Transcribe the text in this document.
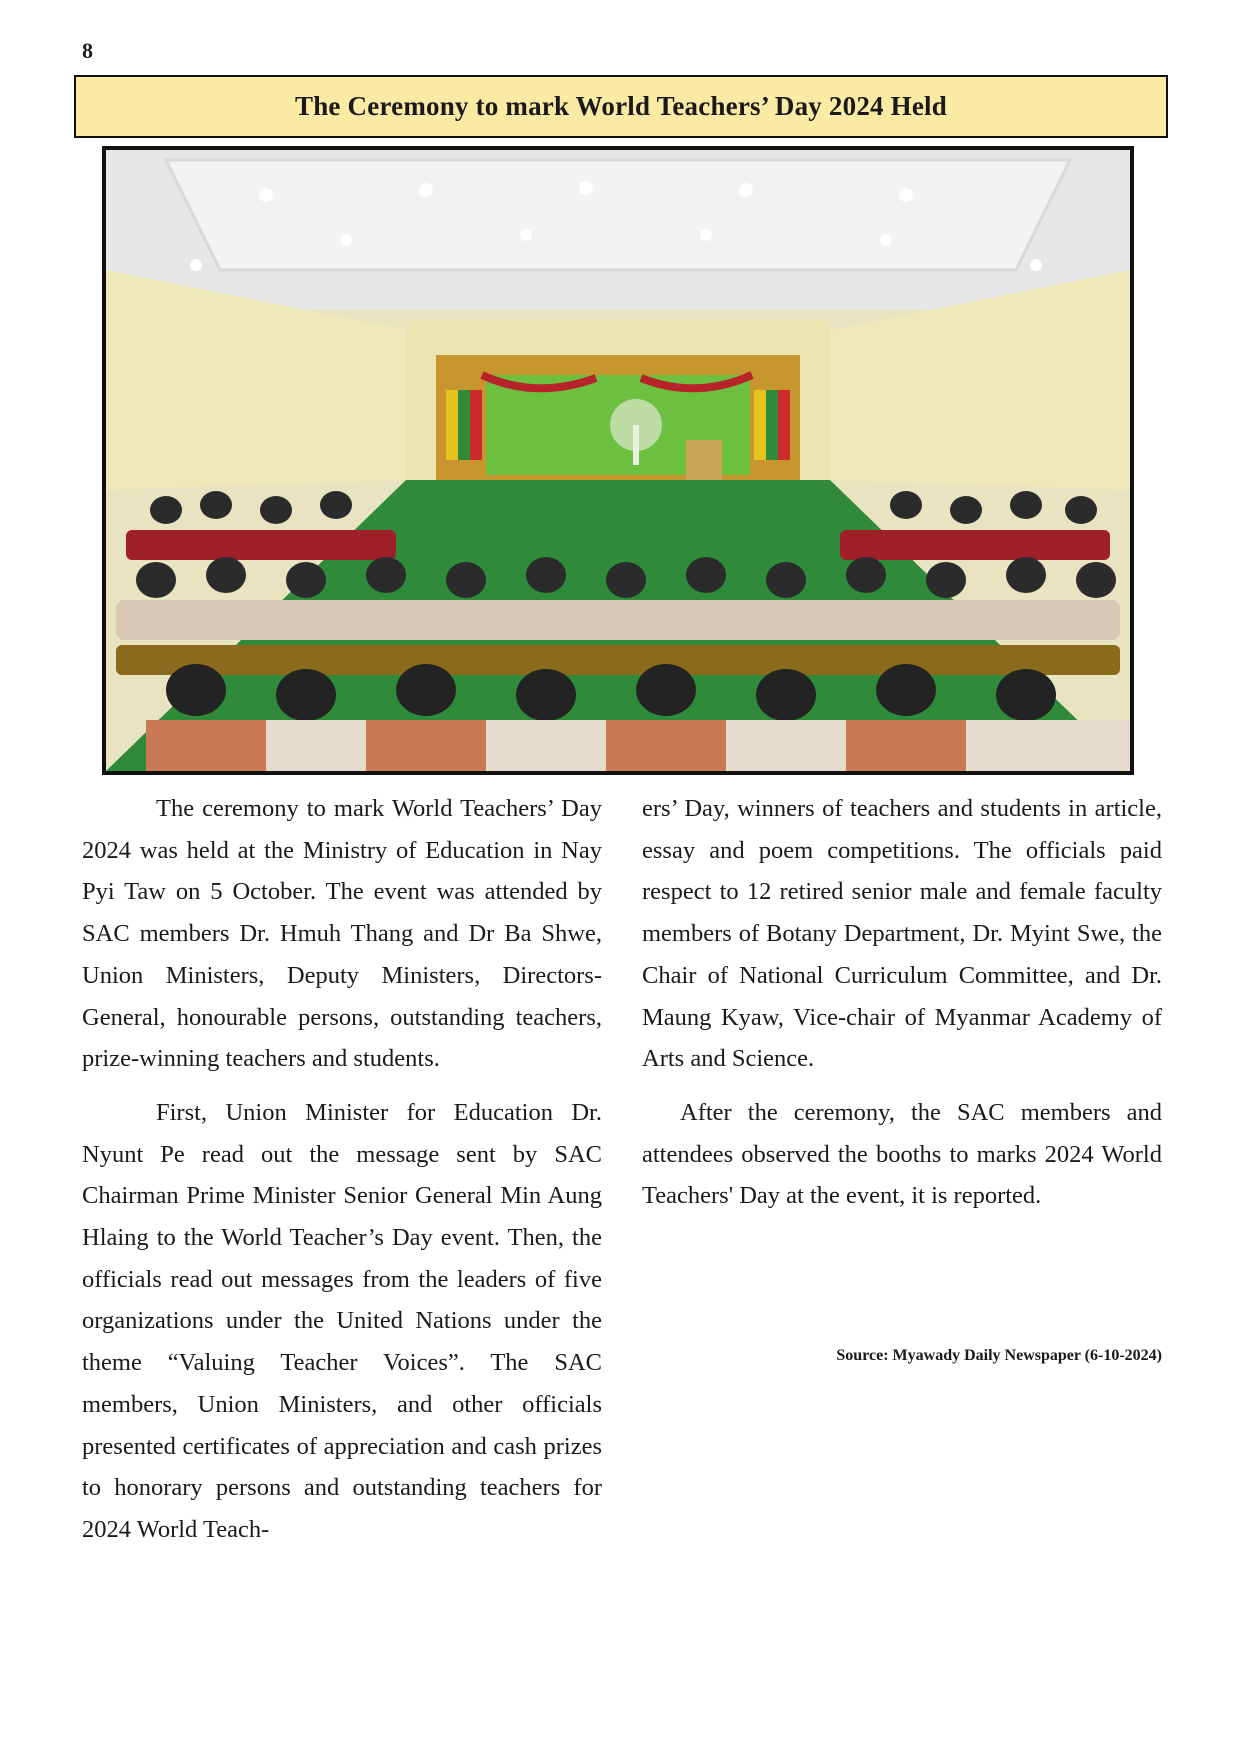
8
The Ceremony to mark World Teachers’ Day 2024 Held

The ceremony to mark World Teachers’ Day 2024 was held at the Ministry of Education in Nay Pyi Taw on 5 October. The event was attended by SAC members Dr. Hmuh Thang and Dr Ba Shwe, Union Ministers, Deputy Ministers, Directors-General, honourable persons, outstanding teachers, prize-winning teachers and students.

First, Union Minister for Education Dr. Nyunt Pe read out the message sent by SAC Chairman Prime Minister Senior General Min Aung Hlaing to the World Teacher’s Day event. Then, the officials read out messages from the leaders of five organizations under the United Nations under the theme “Valuing Teacher Voices”. The SAC members, Union Ministers, and other officials presented certificates of appreciation and cash prizes to honorary persons and outstanding teachers for 2024 World Teach-

ers’ Day, winners of teachers and students in article, essay and poem competitions. The officials paid respect to 12 retired senior male and female faculty members of Botany Department, Dr. Myint Swe, the Chair of National Curriculum Committee, and Dr. Maung Kyaw, Vice-chair of Myanmar Academy of Arts and Science.

After the ceremony, the SAC members and attendees observed the booths to marks 2024 World Teachers' Day at the event, it is reported.

Source: Myawady Daily Newspaper (6-10-2024)
